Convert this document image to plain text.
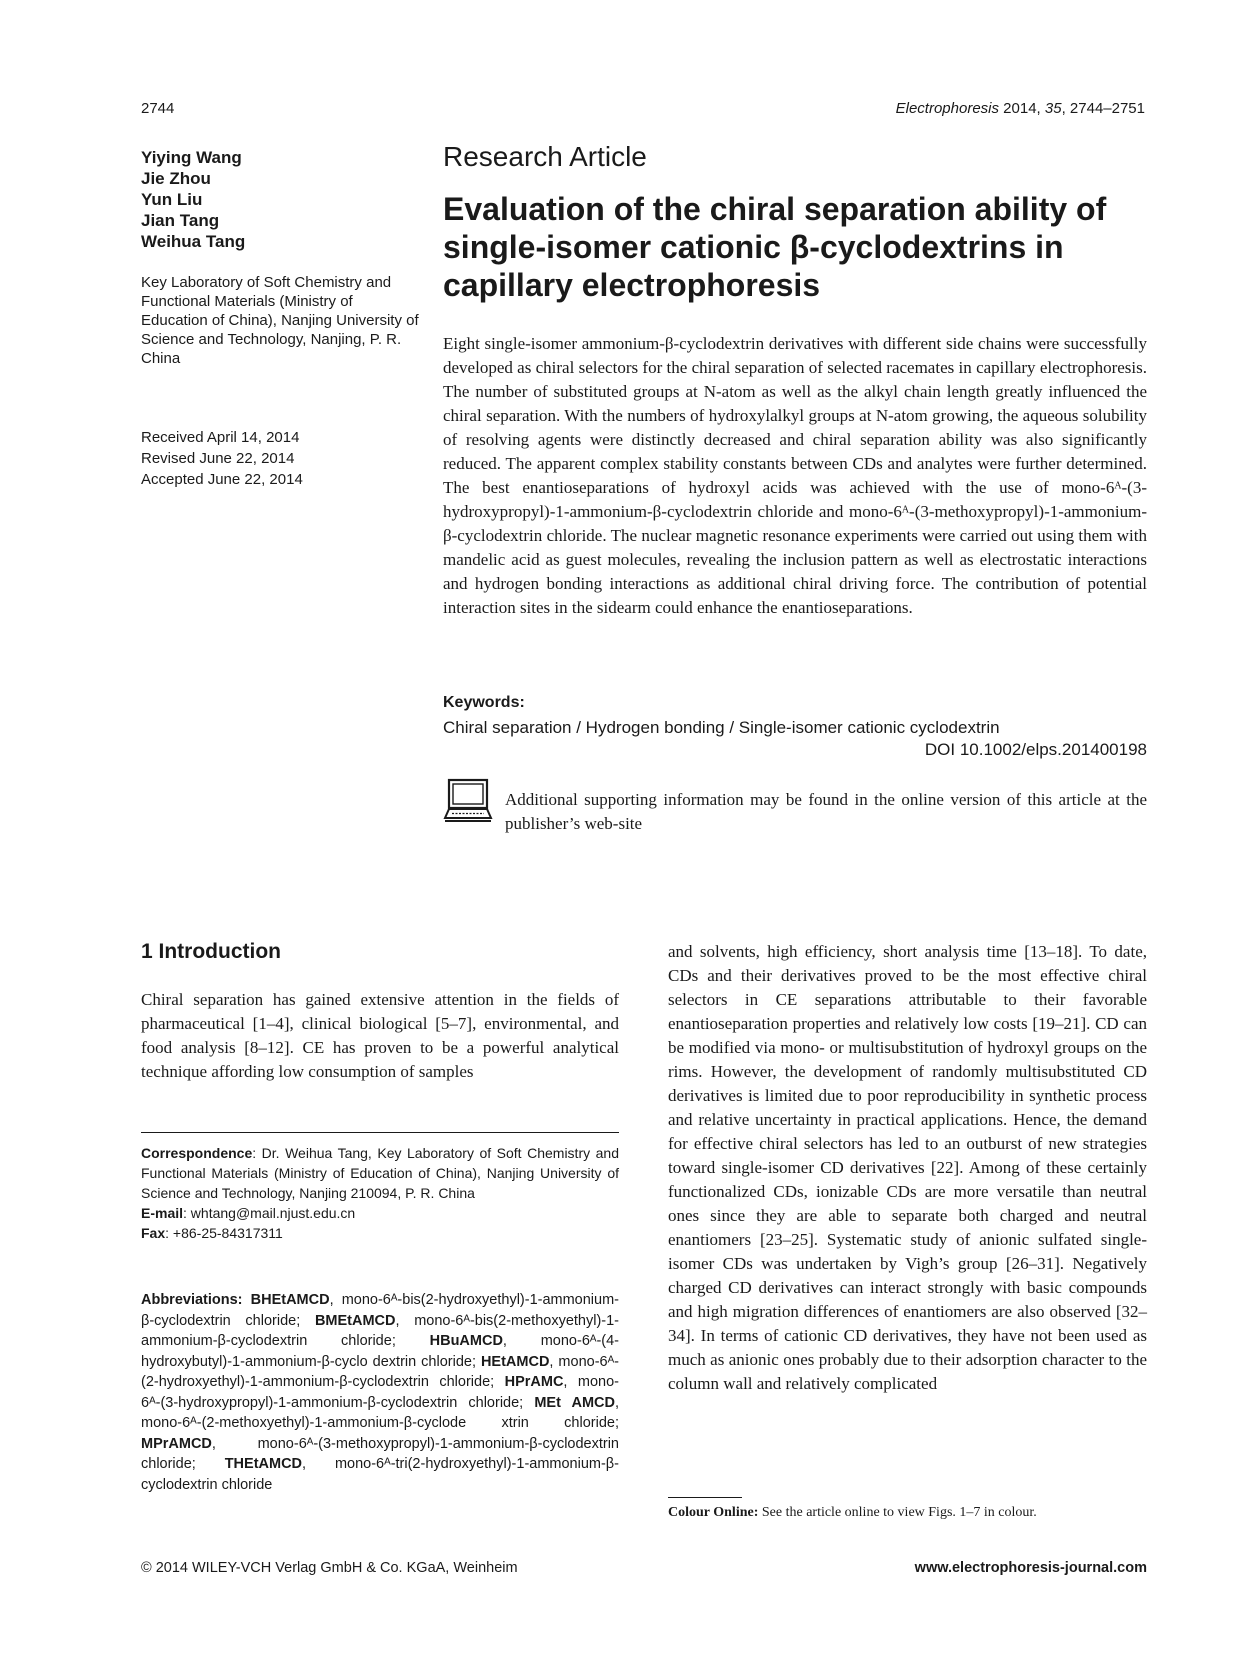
2744	Electrophoresis 2014, 35, 2744–2751
Yiying Wang
Jie Zhou
Yun Liu
Jian Tang
Weihua Tang
Key Laboratory of Soft Chemistry and Functional Materials (Ministry of Education of China), Nanjing University of Science and Technology, Nanjing, P. R. China
Received April 14, 2014
Revised June 22, 2014
Accepted June 22, 2014
Research Article
Evaluation of the chiral separation ability of single-isomer cationic β-cyclodextrins in capillary electrophoresis
Eight single-isomer ammonium-β-cyclodextrin derivatives with different side chains were successfully developed as chiral selectors for the chiral separation of selected racemates in capillary electrophoresis. The number of substituted groups at N-atom as well as the alkyl chain length greatly influenced the chiral separation. With the numbers of hydroxylalkyl groups at N-atom growing, the aqueous solubility of resolving agents were distinctly decreased and chiral separation ability was also significantly reduced. The apparent complex stability constants between CDs and analytes were further determined. The best enantioseparations of hydroxyl acids was achieved with the use of mono-6ᴬ-(3-hydroxypropyl)-1-ammonium-β-cyclodextrin chloride and mono-6ᴬ-(3-methoxypropyl)-1-ammonium-β-cyclodextrin chloride. The nuclear magnetic resonance experiments were carried out using them with mandelic acid as guest molecules, revealing the inclusion pattern as well as electrostatic interactions and hydrogen bonding interactions as additional chiral driving force. The contribution of potential interaction sites in the sidearm could enhance the enantioseparations.
Keywords:
Chiral separation / Hydrogen bonding / Single-isomer cationic cyclodextrin
DOI 10.1002/elps.201400198
Additional supporting information may be found in the online version of this article at the publisher’s web-site
1 Introduction
Chiral separation has gained extensive attention in the fields of pharmaceutical [1–4], clinical biological [5–7], environmental, and food analysis [8–12]. CE has proven to be a powerful analytical technique affording low consumption of samples
Correspondence: Dr. Weihua Tang, Key Laboratory of Soft Chemistry and Functional Materials (Ministry of Education of China), Nanjing University of Science and Technology, Nanjing 210094, P. R. China
E-mail: whtang@mail.njust.edu.cn
Fax: +86-25-84317311
Abbreviations: BHEtAMCD, mono-6ᴬ-bis(2-hydroxyethyl)-1-ammonium-β-cyclodextrin chloride; BMEtAMCD, mono-6ᴬ-bis(2-methoxyethyl)-1-ammonium-β-cyclodextrin chloride; HBuAMCD, mono-6ᴬ-(4-hydroxybutyl)-1-ammonium-β-cyclo dextrin chloride; HEtAMCD, mono-6ᴬ-(2-hydroxyethyl)-1-ammonium-β-cyclodextrin chloride; HPrAMC, mono-6ᴬ-(3-hydroxypropyl)-1-ammonium-β-cyclodextrin chloride; MEt AMCD, mono-6ᴬ-(2-methoxyethyl)-1-ammonium-β-cyclode xtrin chloride; MPrAMCD, mono-6ᴬ-(3-methoxypropyl)-1-ammonium-β-cyclodextrin chloride; THEtAMCD, mono-6ᴬ-tri(2-hydroxyethyl)-1-ammonium-β-cyclodextrin chloride
and solvents, high efficiency, short analysis time [13–18]. To date, CDs and their derivatives proved to be the most effective chiral selectors in CE separations attributable to their favorable enantioseparation properties and relatively low costs [19–21]. CD can be modified via mono- or multisubstitution of hydroxyl groups on the rims. However, the development of randomly multisubstituted CD derivatives is limited due to poor reproducibility in synthetic process and relative uncertainty in practical applications. Hence, the demand for effective chiral selectors has led to an outburst of new strategies toward single-isomer CD derivatives [22]. Among of these certainly functionalized CDs, ionizable CDs are more versatile than neutral ones since they are able to separate both charged and neutral enantiomers [23–25]. Systematic study of anionic sulfated single-isomer CDs was undertaken by Vigh’s group [26–31]. Negatively charged CD derivatives can interact strongly with basic compounds and high migration differences of enantiomers are also observed [32–34]. In terms of cationic CD derivatives, they have not been used as much as anionic ones probably due to their adsorption character to the column wall and relatively complicated
Colour Online: See the article online to view Figs. 1–7 in colour.
© 2014 WILEY-VCH Verlag GmbH & Co. KGaA, Weinheim	www.electrophoresis-journal.com
